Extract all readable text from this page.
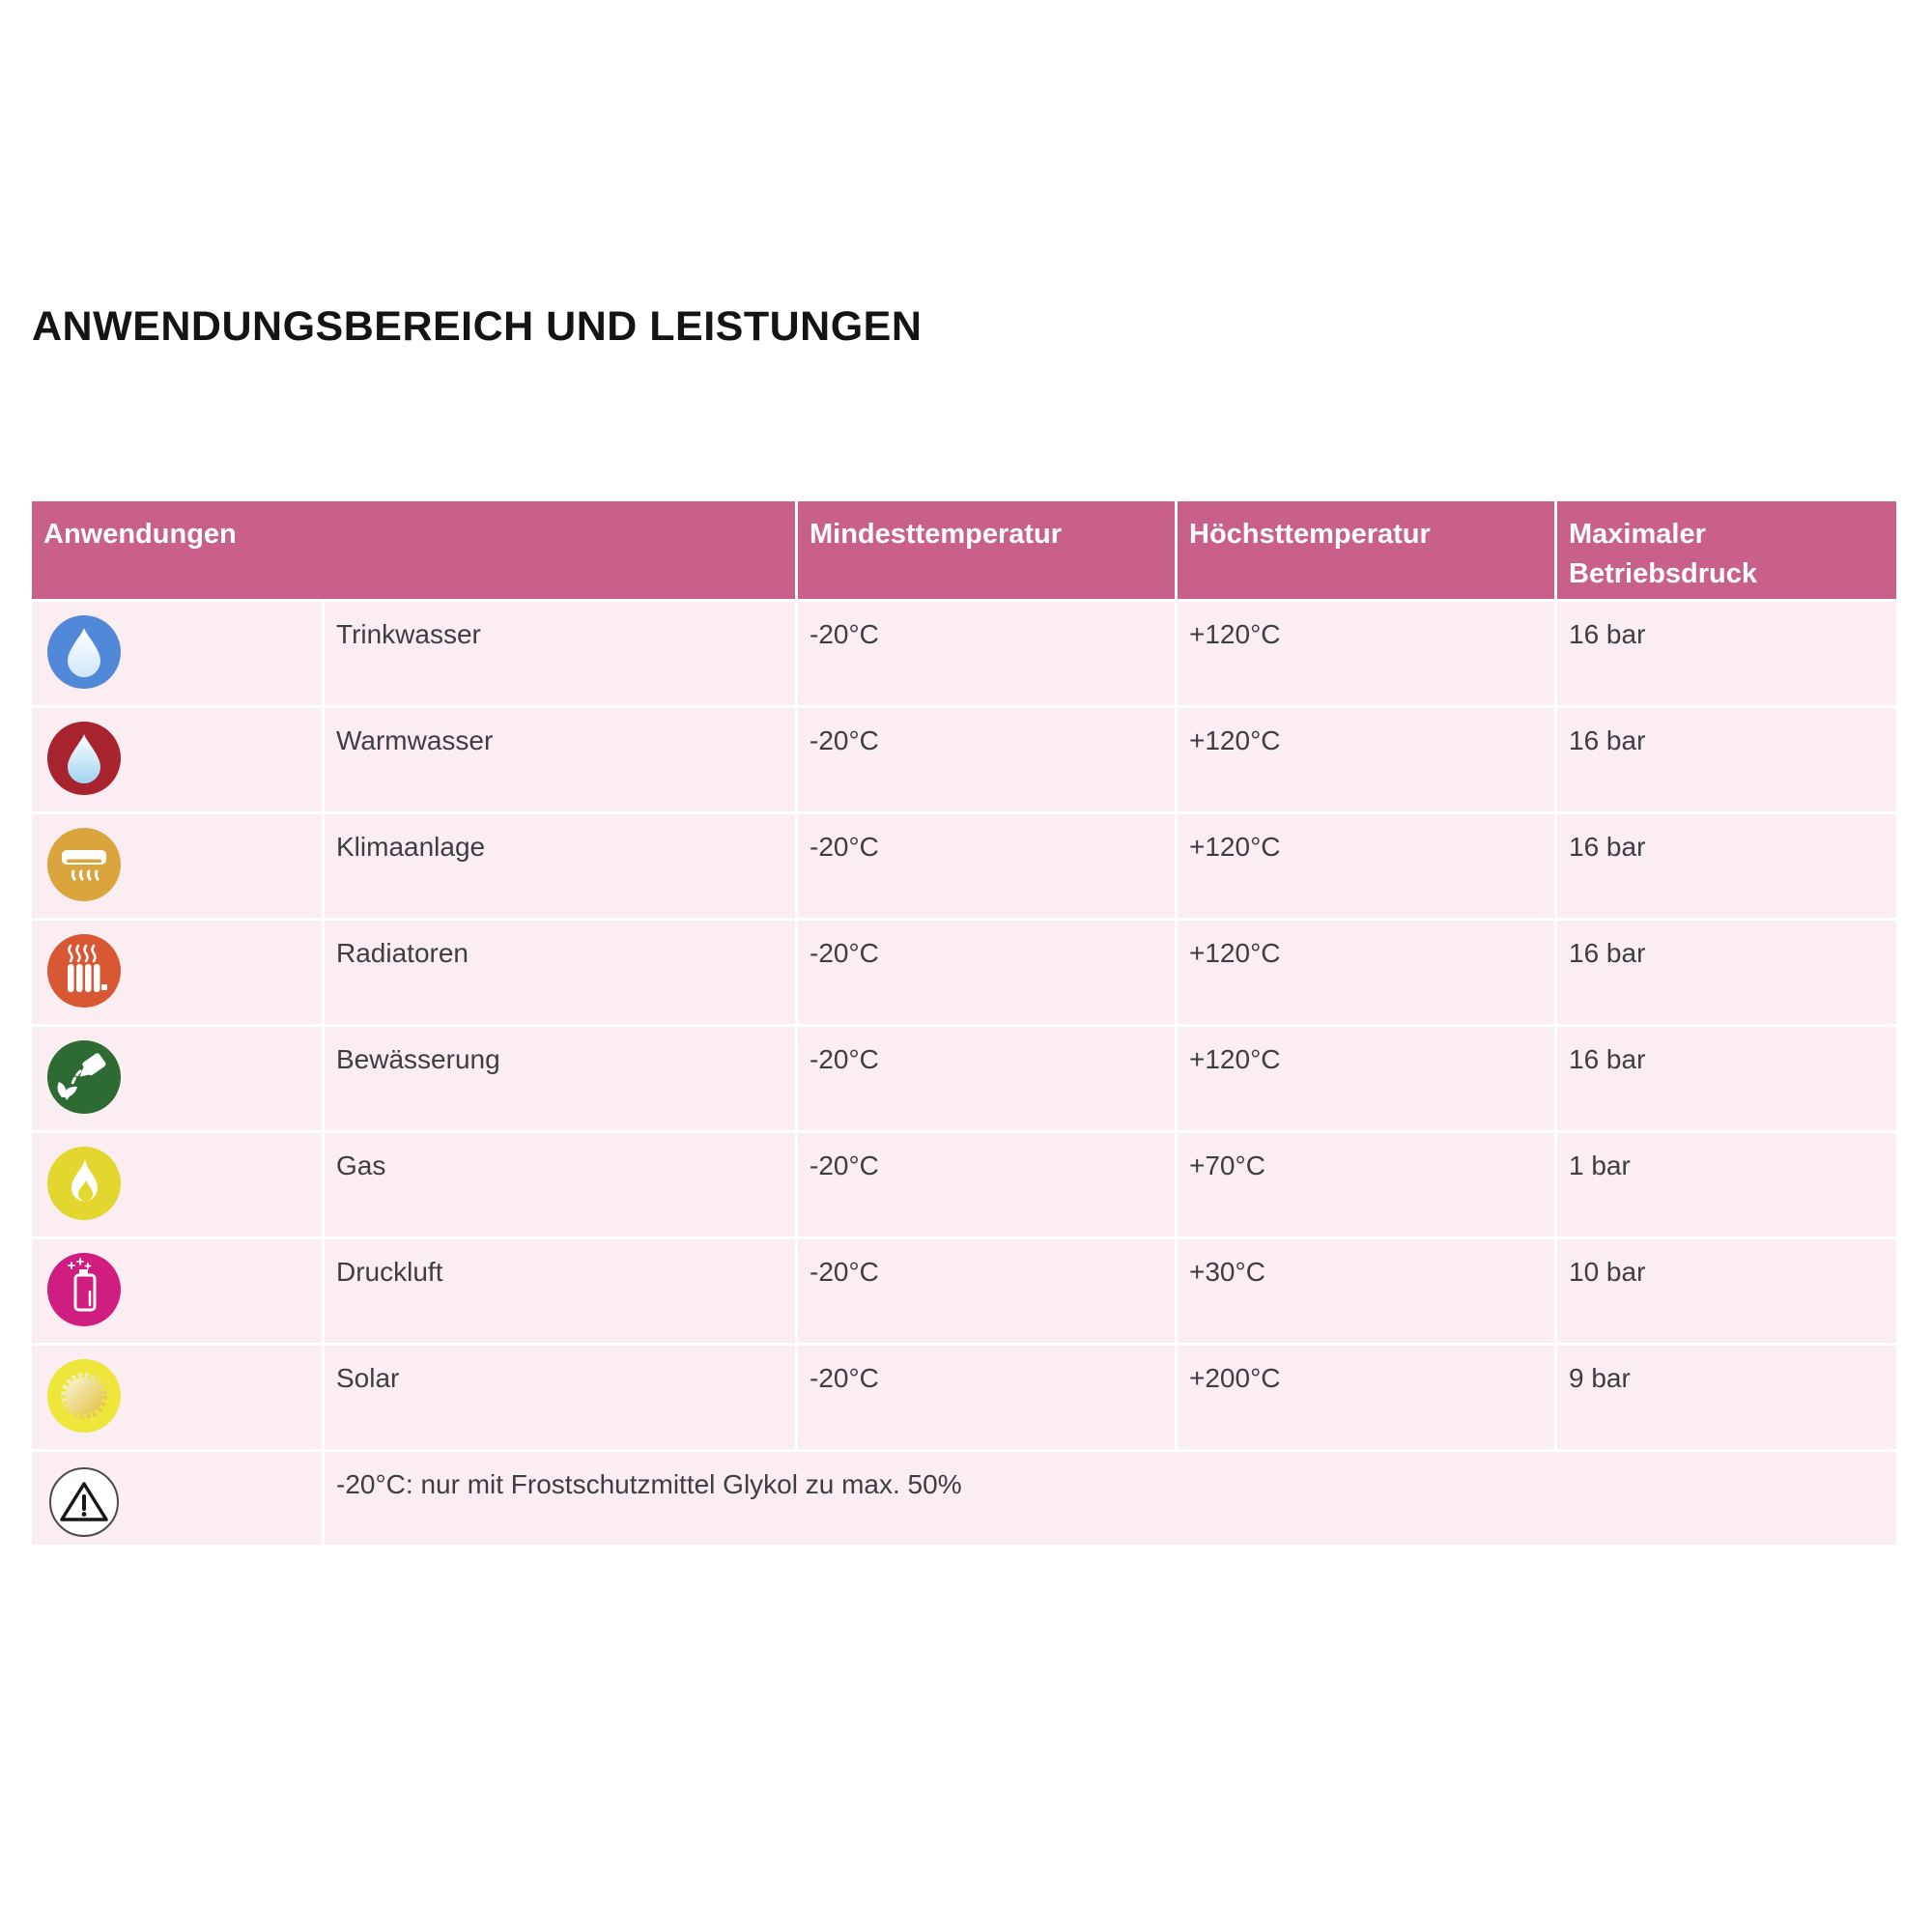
ANWENDUNGSBEREICH UND LEISTUNGEN
Anwendungen	Mindesttemperatur	Höchsttemperatur	Maximaler Betriebsdruck
Trinkwasser	-20°C	+120°C	16 bar
Warmwasser	-20°C	+120°C	16 bar
Klimaanlage	-20°C	+120°C	16 bar
Radiatoren	-20°C	+120°C	16 bar
Bewässerung	-20°C	+120°C	16 bar
Gas	-20°C	+70°C	1 bar
Druckluft	-20°C	+30°C	10 bar
Solar	-20°C	+200°C	9 bar
-20°C: nur mit Frostschutzmittel Glykol zu max. 50%
